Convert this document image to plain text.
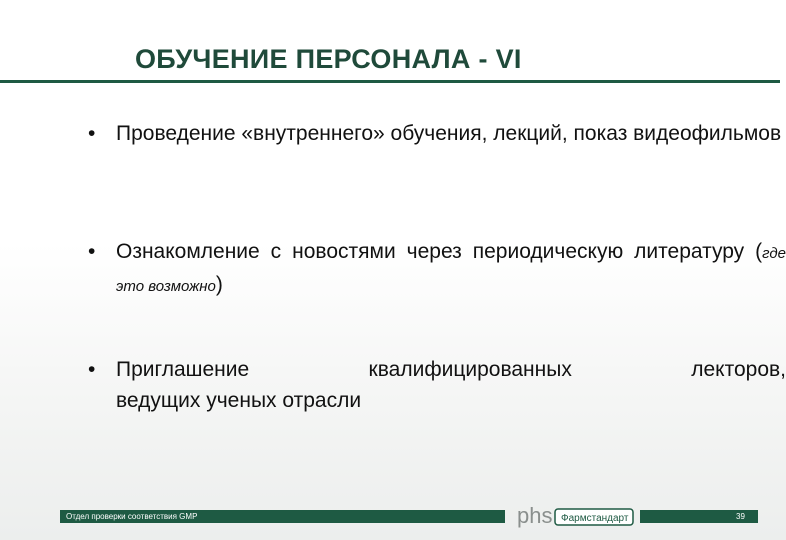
ОБУЧЕНИЕ ПЕРСОНАЛА - VI
• Проведение «внутреннего» обучения, лекций, показ видеофильмов
• Ознакомление с новостями через периодическую литературу (где это возможно)
• Приглашение	квалифицированных	лекторов,
ведущих ученых отрасли
Отдел проверки соответствия GMP	phs Фармстандарт	39
